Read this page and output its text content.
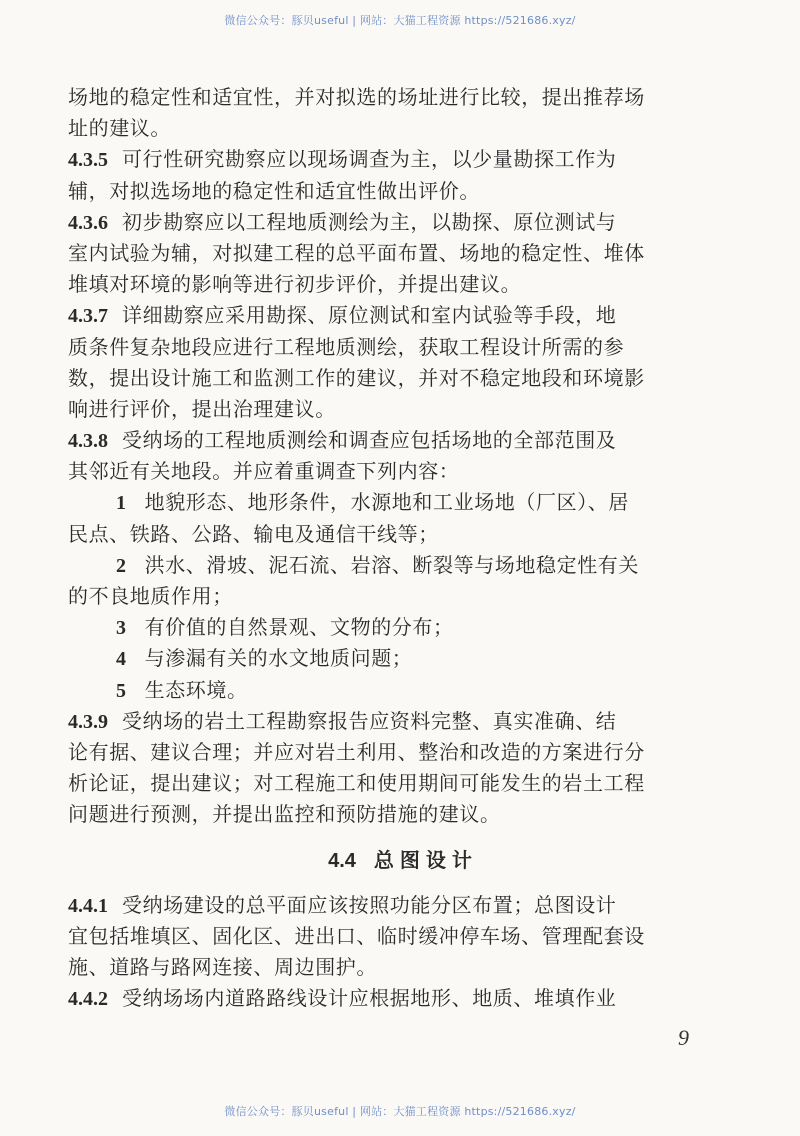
微信公众号：豚贝useful | 网站：大猫工程资源 https://521686.xyz/
场地的稳定性和适宜性，并对拟选的场址进行比较，提出推荐场
址的建议。
4.3.5 可行性研究勘察应以现场调查为主，以少量勘探工作为
辅，对拟选场地的稳定性和适宜性做出评价。
4.3.6 初步勘察应以工程地质测绘为主，以勘探、原位测试与
室内试验为辅，对拟建工程的总平面布置、场地的稳定性、堆体
堆填对环境的影响等进行初步评价，并提出建议。
4.3.7 详细勘察应采用勘探、原位测试和室内试验等手段，地
质条件复杂地段应进行工程地质测绘，获取工程设计所需的参
数，提出设计施工和监测工作的建议，并对不稳定地段和环境影
响进行评价，提出治理建议。
4.3.8 受纳场的工程地质测绘和调查应包括场地的全部范围及
其邻近有关地段。并应着重调查下列内容：
1 地貌形态、地形条件，水源地和工业场地（厂区）、居
民点、铁路、公路、输电及通信干线等；
2 洪水、滑坡、泥石流、岩溶、断裂等与场地稳定性有关
的不良地质作用；
3 有价值的自然景观、文物的分布；
4 与渗漏有关的水文地质问题；
5 生态环境。
4.3.9 受纳场的岩土工程勘察报告应资料完整、真实准确、结
论有据、建议合理；并应对岩土利用、整治和改造的方案进行分
析论证，提出建议；对工程施工和使用期间可能发生的岩土工程
问题进行预测，并提出监控和预防措施的建议。
4.4 总图设计
4.4.1 受纳场建设的总平面应该按照功能分区布置；总图设计
宜包括堆填区、固化区、进出口、临时缓冲停车场、管理配套设
施、道路与路网连接、周边围护。
4.4.2 受纳场场内道路路线设计应根据地形、地质、堆填作业
9
微信公众号：豚贝useful | 网站：大猫工程资源 https://521686.xyz/
